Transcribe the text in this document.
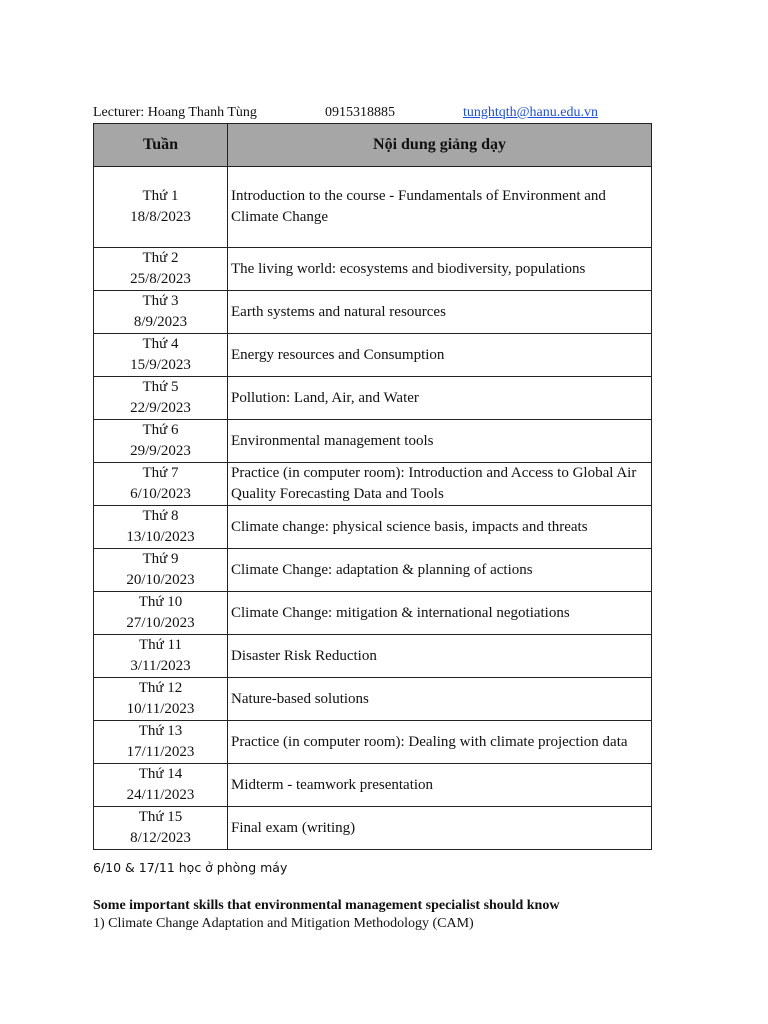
Lecturer: Hoang Thanh Tùng	0915318885	tunghtqth@hanu.edu.vn
Tuần	Nội dung giảng dạy

Thứ 1
18/8/2023	Introduction to the course - Fundamentals of Environment and Climate Change

Thứ 2
25/8/2023	The living world: ecosystems and biodiversity, populations

Thứ 3
8/9/2023	Earth systems and natural resources

Thứ 4
15/9/2023	Energy resources and Consumption

Thứ 5
22/9/2023	Pollution: Land, Air, and Water

Thứ 6
29/9/2023	Environmental management tools

Thứ 7
6/10/2023	Practice (in computer room): Introduction and Access to Global Air Quality Forecasting Data and Tools

Thứ 8
13/10/2023	Climate change: physical science basis, impacts and threats

Thứ 9
20/10/2023	Climate Change: adaptation & planning of actions

Thứ 10
27/10/2023	Climate Change: mitigation & international negotiations

Thứ 11
3/11/2023	Disaster Risk Reduction

Thứ 12
10/11/2023	Nature-based solutions

Thứ 13
17/11/2023	Practice (in computer room): Dealing with climate projection data

Thứ 14
24/11/2023	Midterm - teamwork presentation

Thứ 15
8/12/2023	Final exam (writing)
6/10 & 17/11 học ở phòng máy
Some important skills that environmental management specialist should know
1) Climate Change Adaptation and Mitigation Methodology (CAM)
